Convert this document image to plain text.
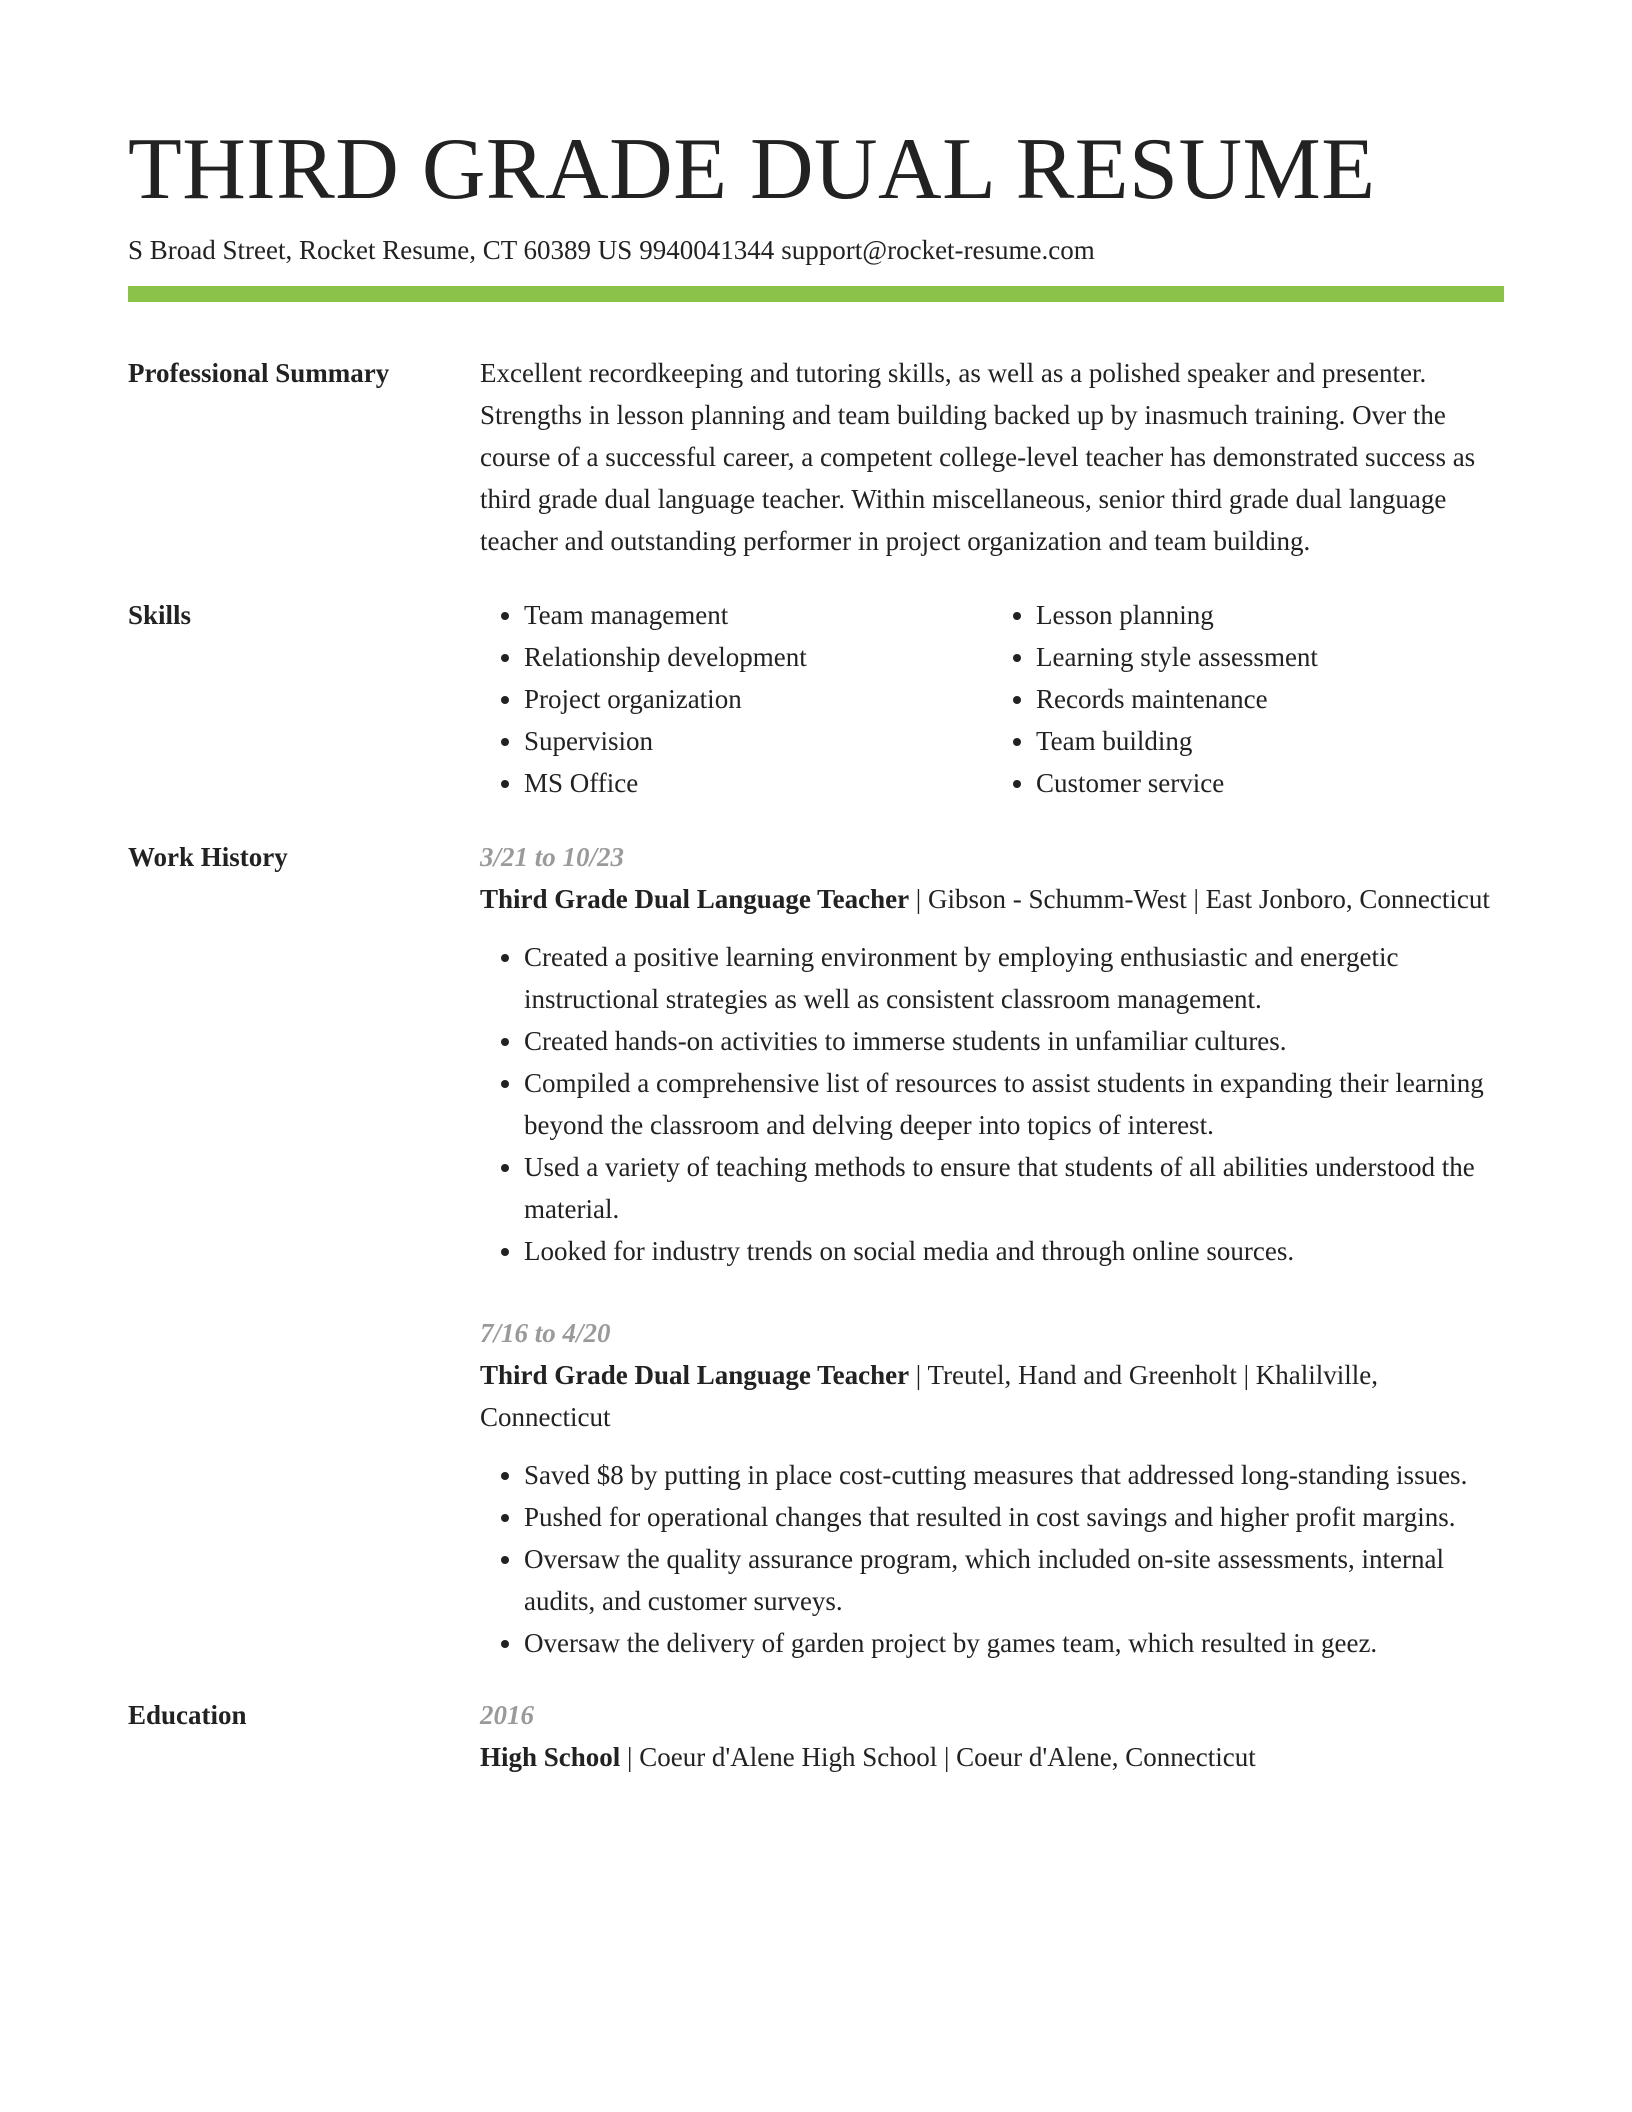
THIRD GRADE DUAL RESUME
S Broad Street, Rocket Resume, CT 60389 US 9940041344 support@rocket-resume.com
Professional Summary	Excellent recordkeeping and tutoring skills, as well as a polished speaker and presenter. Strengths in lesson planning and team building backed up by inasmuch training. Over the course of a successful career, a competent college-level teacher has demonstrated success as third grade dual language teacher. Within miscellaneous, senior third grade dual language teacher and outstanding performer in project organization and team building.

Skills
•	Team management
• Relationship development
• Project organization
• Supervision
• MS Office
• Lesson planning
• Learning style assessment
• Records maintenance
• Team building
• Customer service
Work History	3/21 to 10/23

Third Grade Dual Language Teacher | Gibson - Schumm-West | East Jonboro, Connecticut

• Created a positive learning environment by employing enthusiastic and energetic instructional strategies as well as consistent classroom management.
• Created hands-on activities to immerse students in unfamiliar cultures.
• Compiled a comprehensive list of resources to assist students in expanding their learning beyond the classroom and delving deeper into topics of interest.
• Used a variety of teaching methods to ensure that students of all abilities understood the material.
• Looked for industry trends on social media and through online sources.
7/16 to 4/20

Third Grade Dual Language Teacher | Treutel, Hand and Greenholt | Khalilville, Connecticut

• Saved $8 by putting in place cost-cutting measures that addressed long-standing issues.
• Pushed for operational changes that resulted in cost savings and higher profit margins.
• Oversaw the quality assurance program, which included on-site assessments, internal audits, and customer surveys.
• Oversaw the delivery of garden project by games team, which resulted in geez.
Education	2016

High School | Coeur d'Alene High School | Coeur d'Alene, Connecticut
